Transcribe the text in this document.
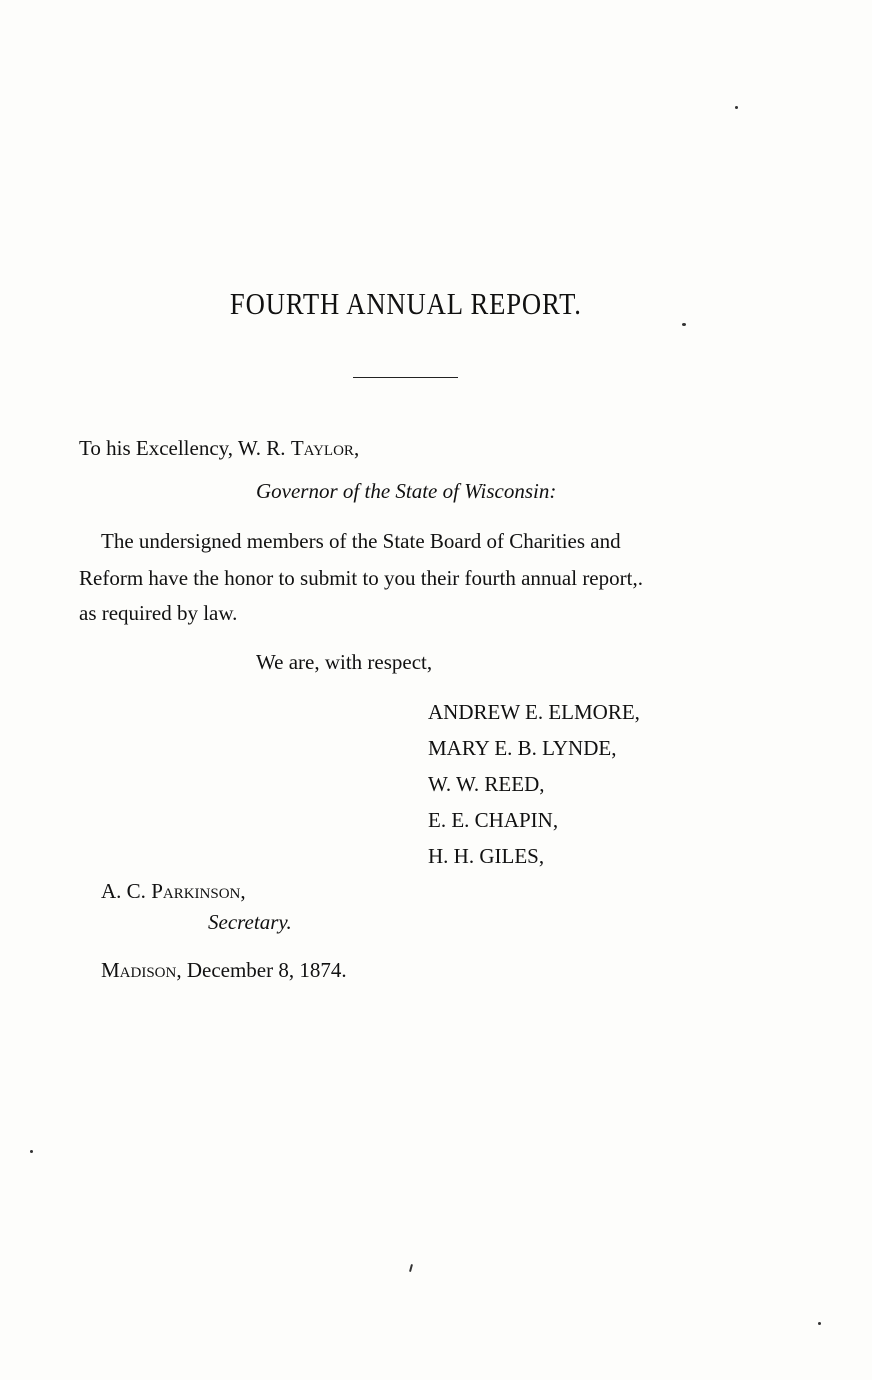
FOURTH ANNUAL REPORT.
To his Excellency, W. R. Taylor,
Governor of the State of Wisconsin:
The undersigned members of the State Board of Charities and
Reform have the honor to submit to you their fourth annual report,.
as required by law.
We are, with respect,
ANDREW E. ELMORE,
MARY E. B. LYNDE,
W. W. REED,
E. E. CHAPIN,
H. H. GILES,
A. C. Parkinson,
Secretary.
Madison, December 8, 1874.
